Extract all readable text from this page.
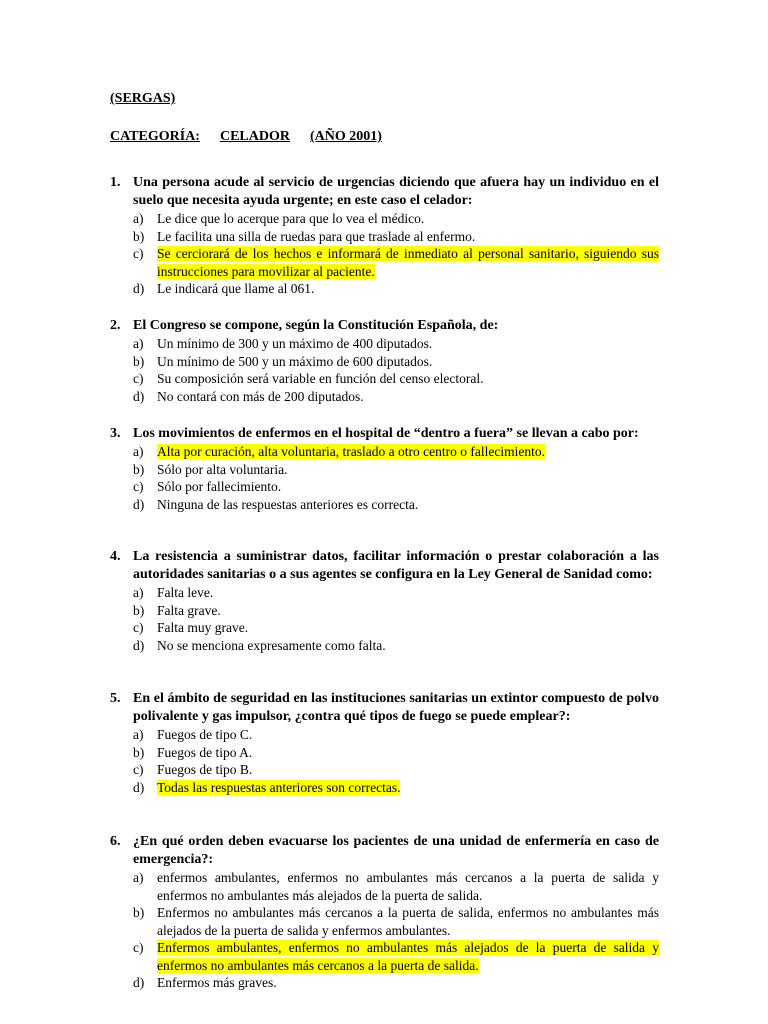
(SERGAS)
CATEGORÍA: CELADOR (AÑO 2001)
1. Una persona acude al servicio de urgencias diciendo que afuera hay un individuo en el suelo que necesita ayuda urgente; en este caso el celador:
a)	Le dice que lo acerque para que lo vea el médico.
b) Le facilita una silla de ruedas para que traslade al enfermo.
c)	Se cerciorará de los hechos e informará de inmediato al personal sanitario, siguiendo sus instrucciones para movilizar al paciente.
d) Le indicará que llame al 061.
2. El Congreso se compone, según la Constitución Española, de:
a)	Un mínimo de 300 y un máximo de 400 diputados.
b) Un mínimo de 500 y un máximo de 600 diputados.
c)	Su composición será variable en función del censo electoral.
d) No contará con más de 200 diputados.
3. Los movimientos de enfermos en el hospital de “dentro a fuera” se llevan a cabo por:
a)	Alta por curación, alta voluntaria, traslado a otro centro o fallecimiento.
b) Sólo por alta voluntaria.
c)	Sólo por fallecimiento.
d) Ninguna de las respuestas anteriores es correcta.
4. La resistencia a suministrar datos, facilitar información o prestar colaboración a las autoridades sanitarias o a sus agentes se configura en la Ley General de Sanidad como:
a)	Falta leve.
b) Falta grave.
c)	Falta muy grave.
d) No se menciona expresamente como falta.
5. En el ámbito de seguridad en las instituciones sanitarias un extintor compuesto de polvo polivalente y gas impulsor, ¿contra qué tipos de fuego se puede emplear?:
a)	Fuegos de tipo C.
b) Fuegos de tipo A.
c)	Fuegos de tipo B.
d) Todas las respuestas anteriores son correctas.
6. ¿En qué orden deben evacuarse los pacientes de una unidad de enfermería en caso de emergencia?:
a)	enfermos ambulantes, enfermos no ambulantes más cercanos a la puerta de salida y enfermos no ambulantes más alejados de la puerta de salida.
b) Enfermos no ambulantes más cercanos a la puerta de salida, enfermos no ambulantes más alejados de la puerta de salida y enfermos ambulantes.
c)	Enfermos ambulantes, enfermos no ambulantes más alejados de la puerta de salida y enfermos no ambulantes más cercanos a la puerta de salida.
d) Enfermos más graves.
